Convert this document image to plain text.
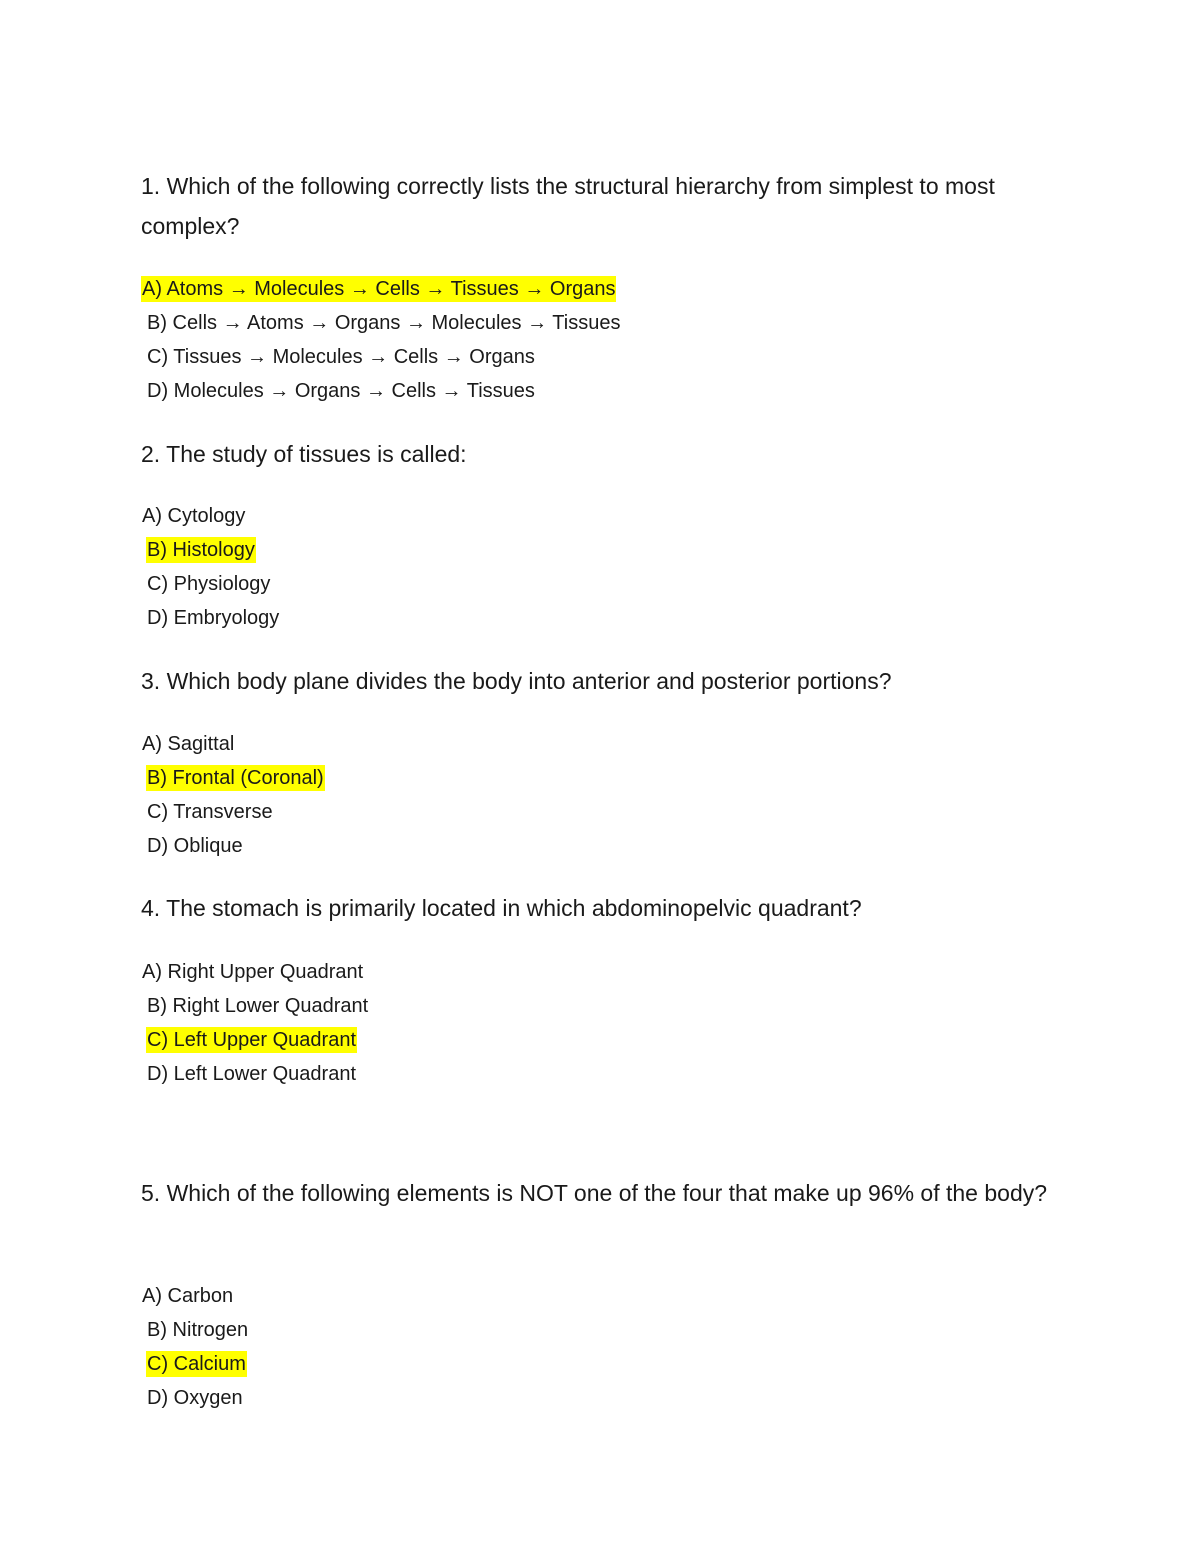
1. Which of the following correctly lists the structural hierarchy from simplest to most complex?

A) Atoms → Molecules → Cells → Tissues → Organs
B) Cells → Atoms → Organs → Molecules → Tissues
C) Tissues → Molecules → Cells → Organs
D) Molecules → Organs → Cells → Tissues

2. The study of tissues is called:

A) Cytology
B) Histology
C) Physiology
D) Embryology

3. Which body plane divides the body into anterior and posterior portions?

A) Sagittal
B) Frontal (Coronal)
C) Transverse
D) Oblique

4. The stomach is primarily located in which abdominopelvic quadrant?

A) Right Upper Quadrant
B) Right Lower Quadrant
C) Left Upper Quadrant
D) Left Lower Quadrant

5. Which of the following elements is NOT one of the four that make up 96% of the body?

A) Carbon
B) Nitrogen
C) Calcium
D) Oxygen
